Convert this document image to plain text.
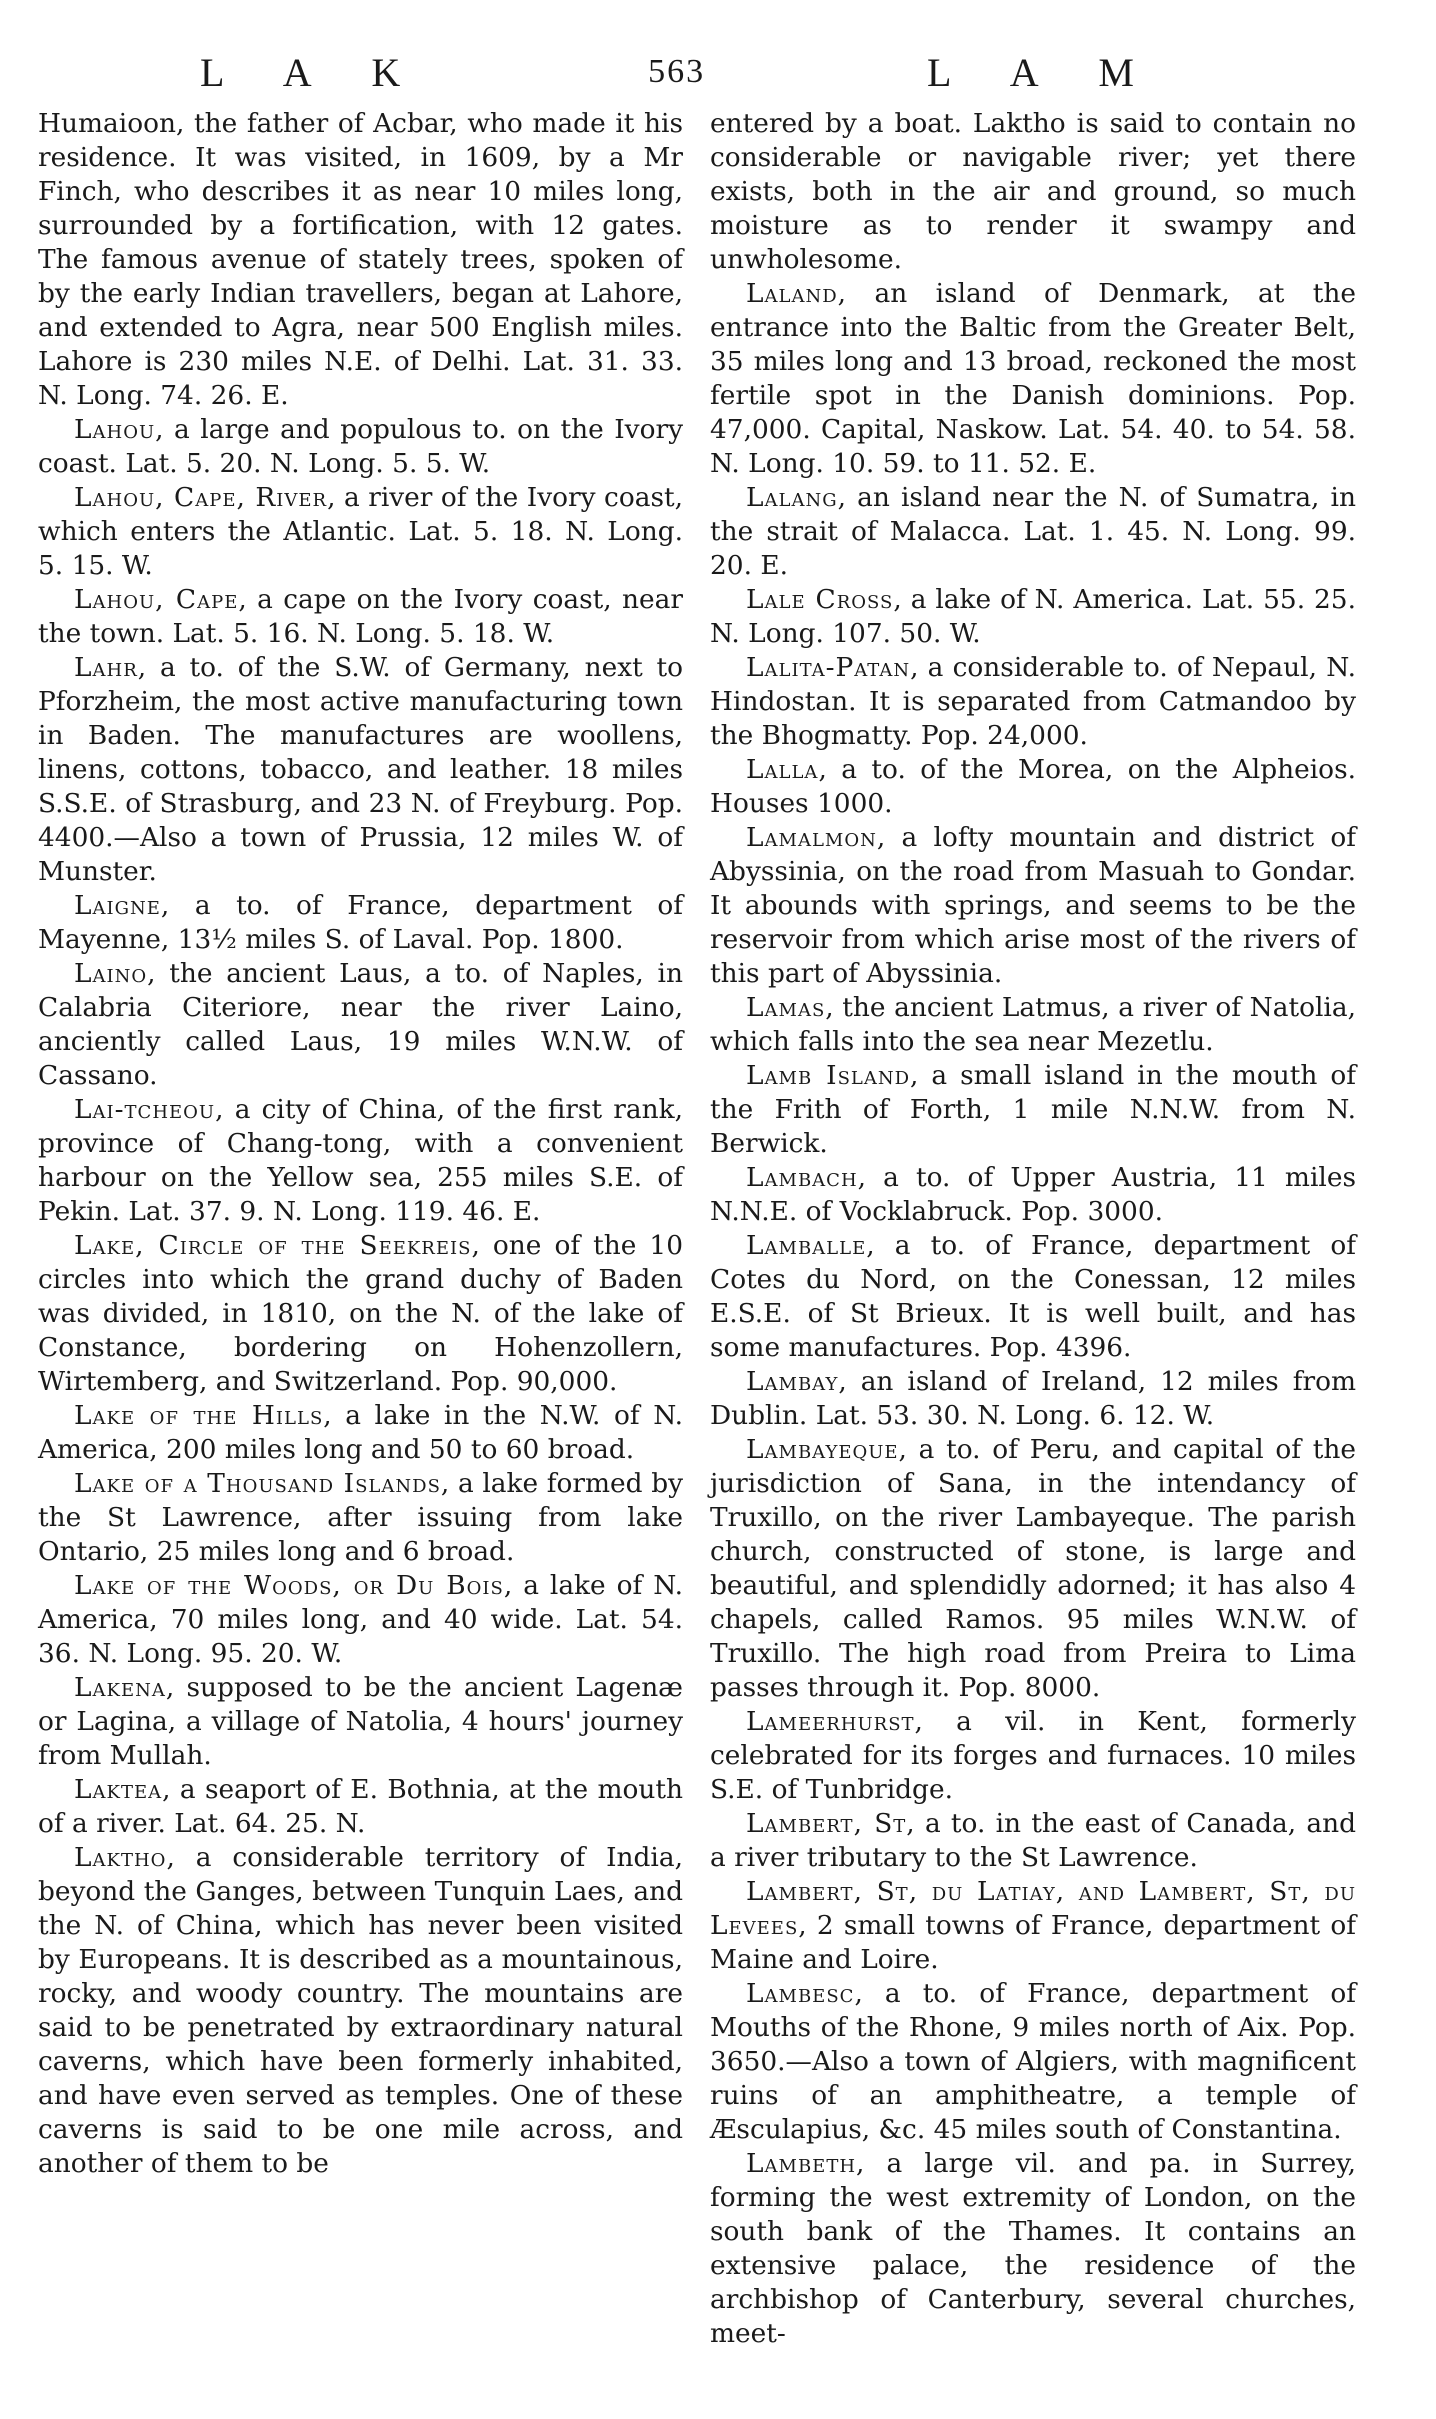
L A K	563	L A M

Humaioon, the father of Acbar, who made it his residence. It was visited, in 1609, by a Mr Finch, who describes it as near 10 miles long, surrounded by a fortification, with 12 gates. The famous avenue of stately trees, spoken of by the early Indian travellers, began at Lahore, and extended to Agra, near 500 English miles. Lahore is 230 miles N.E. of Delhi. Lat. 31. 33. N. Long. 74. 26. E.

Lahou, a large and populous to. on the Ivory coast. Lat. 5. 20. N. Long. 5. 5. W.

Lahou, Cape, River, a river of the Ivory coast, which enters the Atlantic. Lat. 5. 18. N. Long. 5. 15. W.

Lahou, Cape, a cape on the Ivory coast, near the town. Lat. 5. 16. N. Long. 5. 18. W.

Lahr, a to. of the S.W. of Germany, next to Pforzheim, the most active manufacturing town in Baden. The manufactures are woollens, linens, cottons, tobacco, and leather. 18 miles S.S.E. of Strasburg, and 23 N. of Freyburg. Pop. 4400.—Also a town of Prussia, 12 miles W. of Munster.

Laigne, a to. of France, department of Mayenne, 13½ miles S. of Laval. Pop. 1800.

Laino, the ancient Laus, a to. of Naples, in Calabria Citeriore, near the river Laino, anciently called Laus, 19 miles W.N.W. of Cassano.

Lai-tcheou, a city of China, of the first rank, province of Chang-tong, with a convenient harbour on the Yellow sea, 255 miles S.E. of Pekin. Lat. 37. 9. N. Long. 119. 46. E.

Lake, Circle of the Seekreis, one of the 10 circles into which the grand duchy of Baden was divided, in 1810, on the N. of the lake of Constance, bordering on Hohenzollern, Wirtemberg, and Switzerland. Pop. 90,000.

Lake of the Hills, a lake in the N.W. of N. America, 200 miles long and 50 to 60 broad.

Lake of a Thousand Islands, a lake formed by the St Lawrence, after issuing from lake Ontario, 25 miles long and 6 broad.

Lake of the Woods, or Du Bois, a lake of N. America, 70 miles long, and 40 wide. Lat. 54. 36. N. Long. 95. 20. W.

Lakena, supposed to be the ancient Lagenæ or Lagina, a village of Natolia, 4 hours' journey from Mullah.

Laktea, a seaport of E. Bothnia, at the mouth of a river. Lat. 64. 25. N.

Laktho, a considerable territory of India, beyond the Ganges, between Tunquin Laes, and the N. of China, which has never been visited by Europeans. It is described as a mountainous, rocky, and woody country. The mountains are said to be penetrated by extraordinary natural caverns, which have been formerly inhabited, and have even served as temples. One of these caverns is said to be one mile across, and another of them to be

entered by a boat. Laktho is said to contain no considerable or navigable river; yet there exists, both in the air and ground, so much moisture as to render it swampy and unwholesome.

Laland, an island of Denmark, at the entrance into the Baltic from the Greater Belt, 35 miles long and 13 broad, reckoned the most fertile spot in the Danish dominions. Pop. 47,000. Capital, Naskow. Lat. 54. 40. to 54. 58. N. Long. 10. 59. to 11. 52. E.

Lalang, an island near the N. of Sumatra, in the strait of Malacca. Lat. 1. 45. N. Long. 99. 20. E.

Lale Cross, a lake of N. America. Lat. 55. 25. N. Long. 107. 50. W.

Lalita-Patan, a considerable to. of Nepaul, N. Hindostan. It is separated from Catmandoo by the Bhogmatty. Pop. 24,000.

Lalla, a to. of the Morea, on the Alpheios. Houses 1000.

Lamalmon, a lofty mountain and district of Abyssinia, on the road from Masuah to Gondar. It abounds with springs, and seems to be the reservoir from which arise most of the rivers of this part of Abyssinia.

Lamas, the ancient Latmus, a river of Natolia, which falls into the sea near Mezetlu.

Lamb Island, a small island in the mouth of the Frith of Forth, 1 mile N.N.W. from N. Berwick.

Lambach, a to. of Upper Austria, 11 miles N.N.E. of Vocklabruck. Pop. 3000.

Lamballe, a to. of France, department of Cotes du Nord, on the Conessan, 12 miles E.S.E. of St Brieux. It is well built, and has some manufactures. Pop. 4396.

Lambay, an island of Ireland, 12 miles from Dublin. Lat. 53. 30. N. Long. 6. 12. W.

Lambayeque, a to. of Peru, and capital of the jurisdiction of Sana, in the intendancy of Truxillo, on the river Lambayeque. The parish church, constructed of stone, is large and beautiful, and splendidly adorned; it has also 4 chapels, called Ramos. 95 miles W.N.W. of Truxillo. The high road from Preira to Lima passes through it. Pop. 8000.

Lameerhurst, a vil. in Kent, formerly celebrated for its forges and furnaces. 10 miles S.E. of Tunbridge.

Lambert, St, a to. in the east of Canada, and a river tributary to the St Lawrence.

Lambert, St, du Latiay, and Lambert, St, du Levees, 2 small towns of France, department of Maine and Loire.

Lambesc, a to. of France, department of Mouths of the Rhone, 9 miles north of Aix. Pop. 3650.—Also a town of Algiers, with magnificent ruins of an amphitheatre, a temple of Æsculapius, &c. 45 miles south of Constantina.

Lambeth, a large vil. and pa. in Surrey, forming the west extremity of London, on the south bank of the Thames. It contains an extensive palace, the residence of the archbishop of Canterbury, several churches, meet-
